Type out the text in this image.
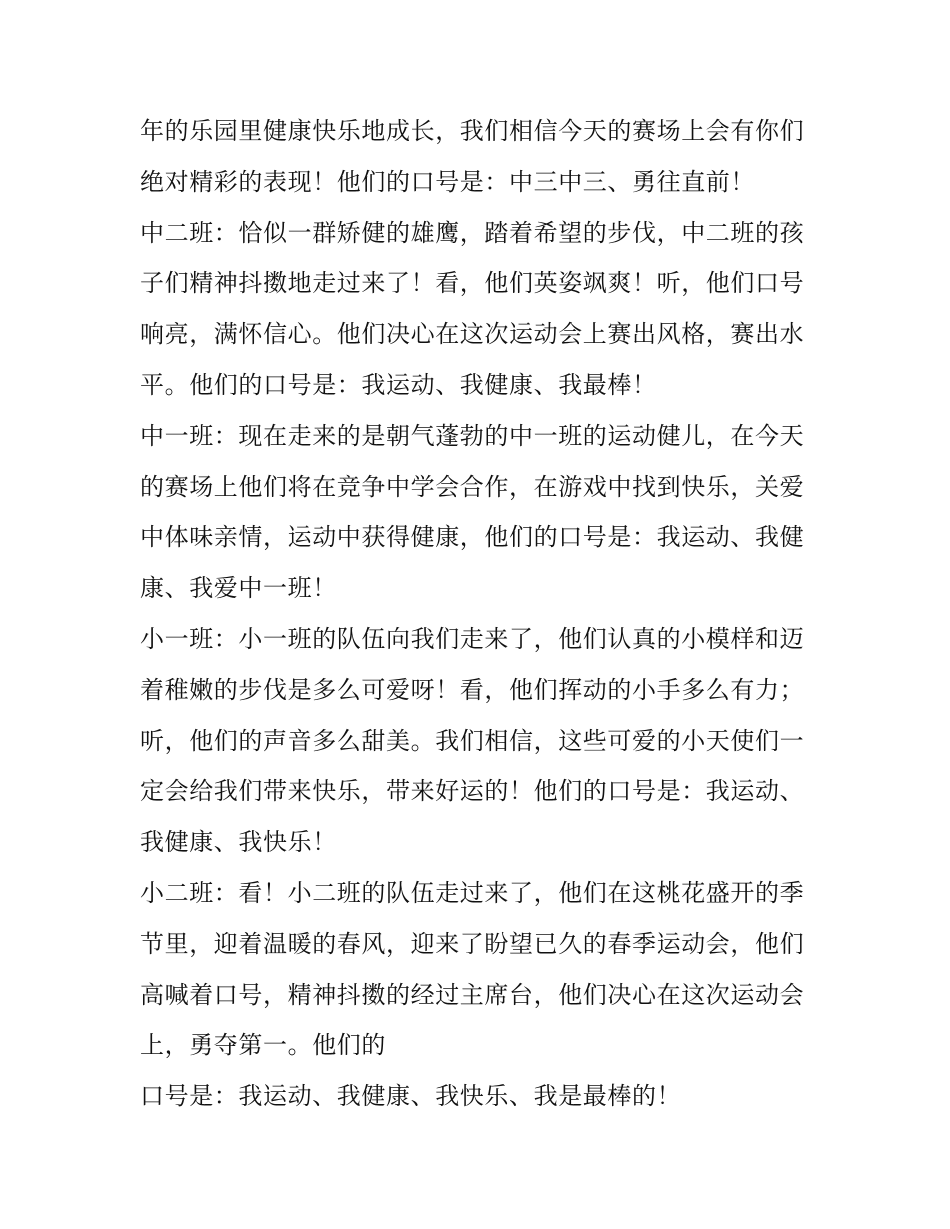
年的乐园里健康快乐地成长，我们相信今天的赛场上会有你们
绝对精彩的表现！他们的口号是：中三中三、勇往直前！
中二班：恰似一群矫健的雄鹰，踏着希望的步伐，中二班的孩
子们精神抖擞地走过来了！看，他们英姿飒爽！听，他们口号
响亮，满怀信心。他们决心在这次运动会上赛出风格，赛出水
平。他们的口号是：我运动、我健康、我最棒！
中一班：现在走来的是朝气蓬勃的中一班的运动健儿，在今天
的赛场上他们将在竞争中学会合作，在游戏中找到快乐，关爱
中体味亲情，运动中获得健康，他们的口号是：我运动、我健
康、我爱中一班！
小一班：小一班的队伍向我们走来了，他们认真的小模样和迈
着稚嫩的步伐是多么可爱呀！看，他们挥动的小手多么有力；
听，他们的声音多么甜美。我们相信，这些可爱的小天使们一
定会给我们带来快乐，带来好运的！他们的口号是：我运动、
我健康、我快乐！
小二班：看！小二班的队伍走过来了，他们在这桃花盛开的季
节里，迎着温暖的春风，迎来了盼望已久的春季运动会，他们
高喊着口号，精神抖擞的经过主席台，他们决心在这次运动会
上，勇夺第一。他们的
口号是：我运动、我健康、我快乐、我是最棒的！
